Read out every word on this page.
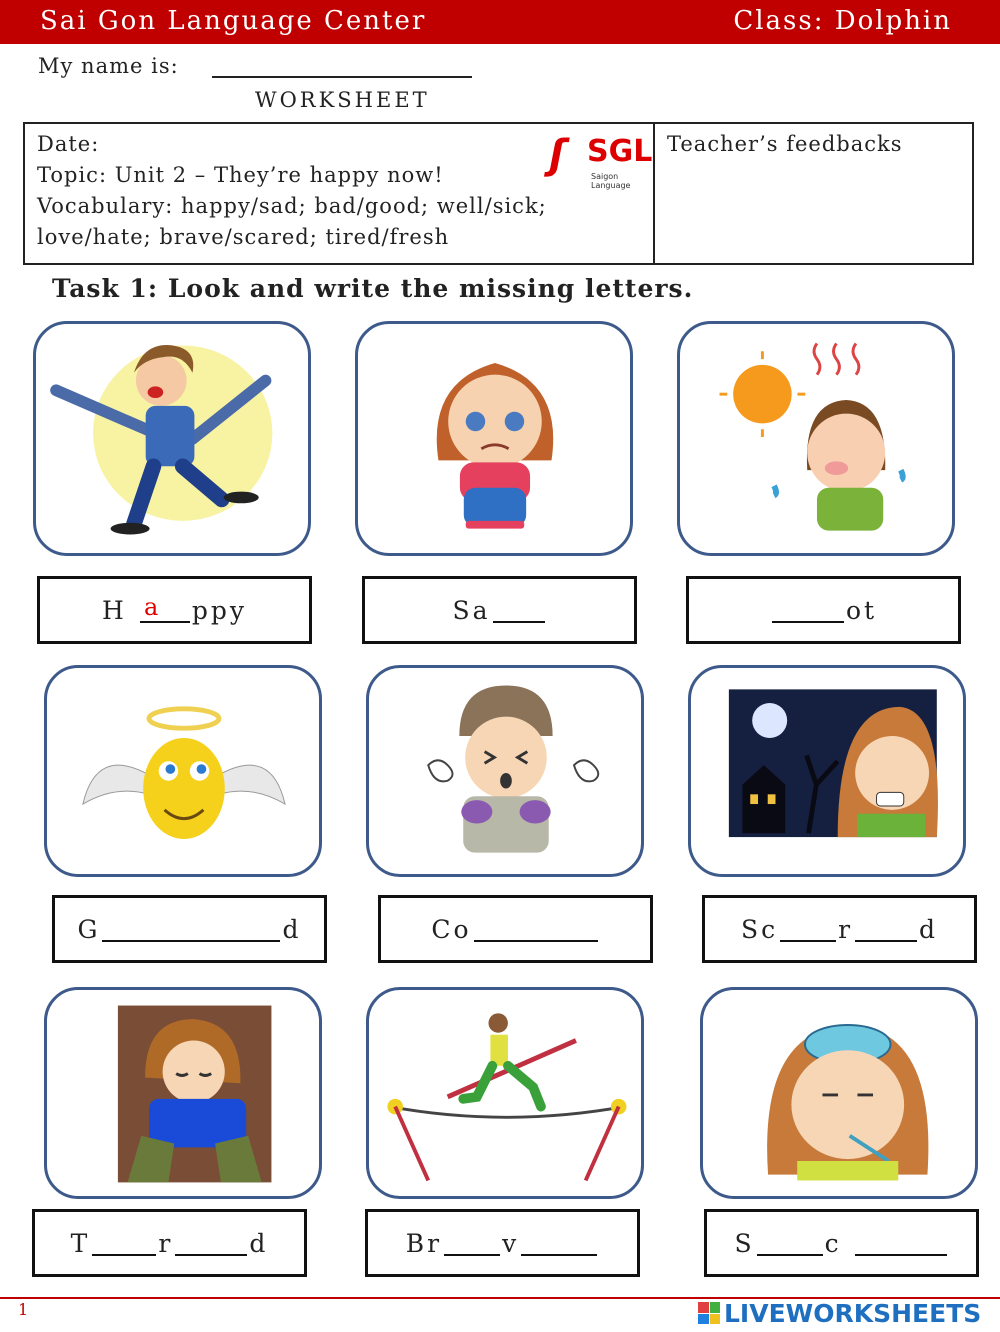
Sai Gon Language Center	Class: Dolphin
My name is:
WORKSHEET
Date:
Topic: Unit 2 – They’re happy now!
Vocabulary: happy/sad; bad/good; well/sick;
love/hate; brave/scared; tired/fresh
ʃ SGL
Saigon Language
Teacher’s feedbacks
Task 1: Look and write the missing letters.
H
	ppy
a	Sa	ot
G	d	Co	Sc r	d
T	r	d	Br v	S	c

1	LIVEWORKSHEETS
